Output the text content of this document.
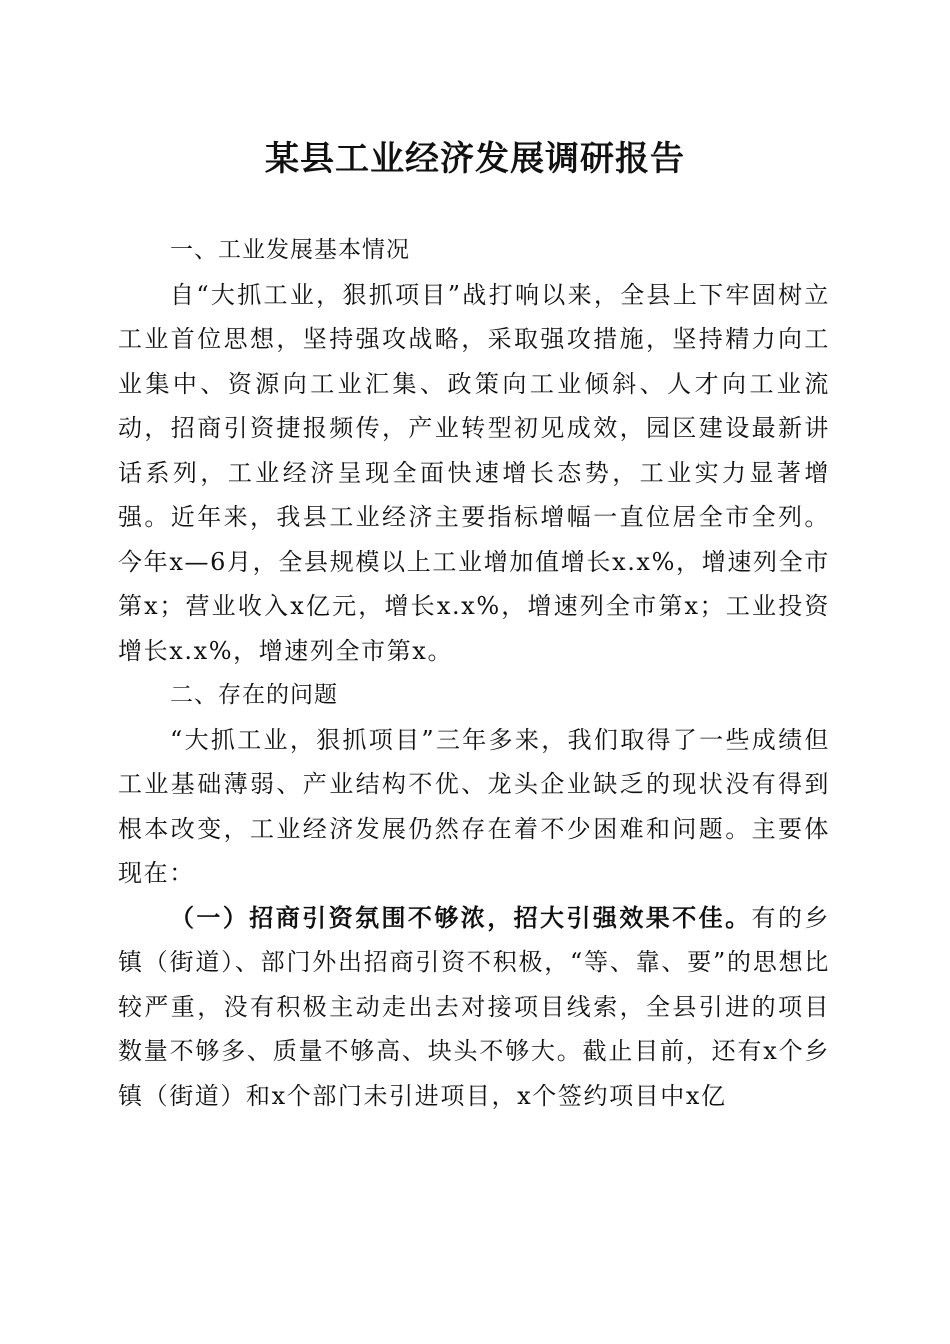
某县工业经济发展调研报告

一、工业发展基本情况

自“大抓工业，狠抓项目”战打响以来，全县上下牢固树立工业首位思想，坚持强攻战略，采取强攻措施，坚持精力向工业集中、资源向工业汇集、政策向工业倾斜、人才向工业流动，招商引资捷报频传，产业转型初见成效，园区建设最新讲话系列，工业经济呈现全面快速增长态势，工业实力显著增强。近年来，我县工业经济主要指标增幅一直位居全市全列。今年x—6月，全县规模以上工业增加值增长x.x%，增速列全市第x；营业收入x亿元，增长x.x%，增速列全市第x；工业投资增长x.x%，增速列全市第x。

二、存在的问题

“大抓工业，狠抓项目”三年多来，我们取得了一些成绩但工业基础薄弱、产业结构不优、龙头企业缺乏的现状没有得到根本改变，工业经济发展仍然存在着不少困难和问题。主要体现在：

（一）招商引资氛围不够浓，招大引强效果不佳。有的乡镇（街道）、部门外出招商引资不积极，“等、靠、要”的思想比较严重，没有积极主动走出去对接项目线索，全县引进的项目数量不够多、质量不够高、块头不够大。截止目前，还有x个乡镇（街道）和x个部门未引进项目，x个签约项目中x亿
